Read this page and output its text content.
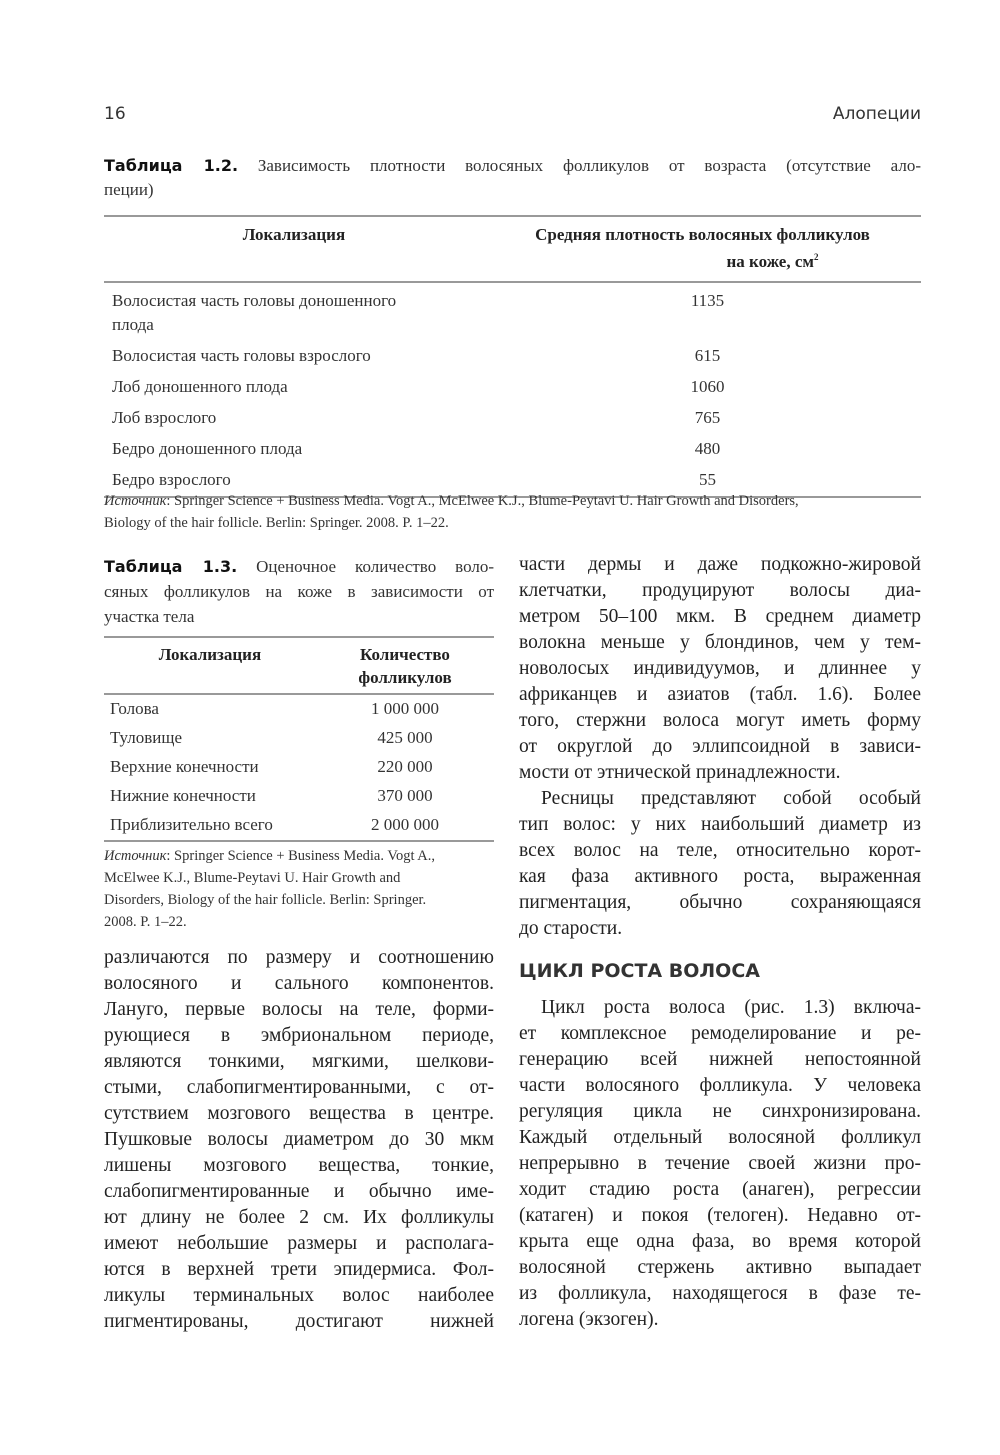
16	Алопеции
Таблица 1.2. Зависимость плотности волосяных фолликулов от возраста (отсутствие ало-
пеции)
Локализация	Средняя плотность волосяных фолликулов
на коже, $см^2$
Волосистая часть головы доношенного
плода	1135
Волосистая часть головы взрослого	615
Лоб доношенного плода	1060
Лоб взрослого	765
Бедро доношенного плода	480
Бедро взрослого	55
Источник: Springer Science + Business Media. Vogt A., McElwee K.J., Blume-Peytavi U. Hair Growth and Disorders,
Biology of the hair follicle. Berlin: Springer. 2008. P. 1–22.
Таблица 1.3. Оценочное количество воло-
сяных фолликулов на коже в зависимости от
участка тела
Локализация	Количество
фолликулов
Голова	1 000 000
Туловище	425 000
Верхние конечности	220 000
Нижние конечности	370 000
Приблизительно всего	2 000 000
Источник: Springer Science + Business Media. Vogt A.,
McElwee K.J., Blume-Peytavi U. Hair Growth and
Disorders, Biology of the hair follicle. Berlin: Springer.
2008. P. 1–22.
различаются по размеру и соотношению
волосяного и сального компонентов.
Лануго, первые волосы на теле, форми-
рующиеся в эмбриональном периоде,
являются тонкими, мягкими, шелкови-
стыми, слабопигментированными, с от-
сутствием мозгового вещества в центре.
Пушковые волосы диаметром до 30 мкм
лишены мозгового вещества, тонкие,
слабопигментированные и обычно име-
ют длину не более 2 см. Их фолликулы
имеют небольшие размеры и располага-
ются в верхней трети эпидермиса. Фол-
ликулы терминальных волос наиболее
пигментированы, достигают нижней
части дермы и даже подкожно-жировой
клетчатки, продуцируют волосы диа-
метром 50–100 мкм. В среднем диаметр
волокна меньше у блондинов, чем у тем-
новолосых индивидуумов, и длиннее у
африканцев и азиатов (табл. 1.6). Более
того, стержни волоса могут иметь форму
от округлой до эллипсоидной в зависи-
мости от этнической принадлежности.
Ресницы представляют собой особый
тип волос: у них наибольший диаметр из
всех волос на теле, относительно корот-
кая фаза активного роста, выраженная
пигментация, обычно сохраняющаяся
до старости.
ЦИКЛ РОСТА ВОЛОСА
Цикл роста волоса (рис. 1.3) включа-
ет комплексное ремоделирование и ре-
генерацию всей нижней непостоянной
части волосяного фолликула. У человека
регуляция цикла не синхронизирована.
Каждый отдельный волосяной фолликул
непрерывно в течение своей жизни про-
ходит стадию роста (анаген), регрессии
(катаген) и покоя (телоген). Недавно от-
крыта еще одна фаза, во время которой
волосяной стержень активно выпадает
из фолликула, находящегося в фазе те-
логена (экзоген).
